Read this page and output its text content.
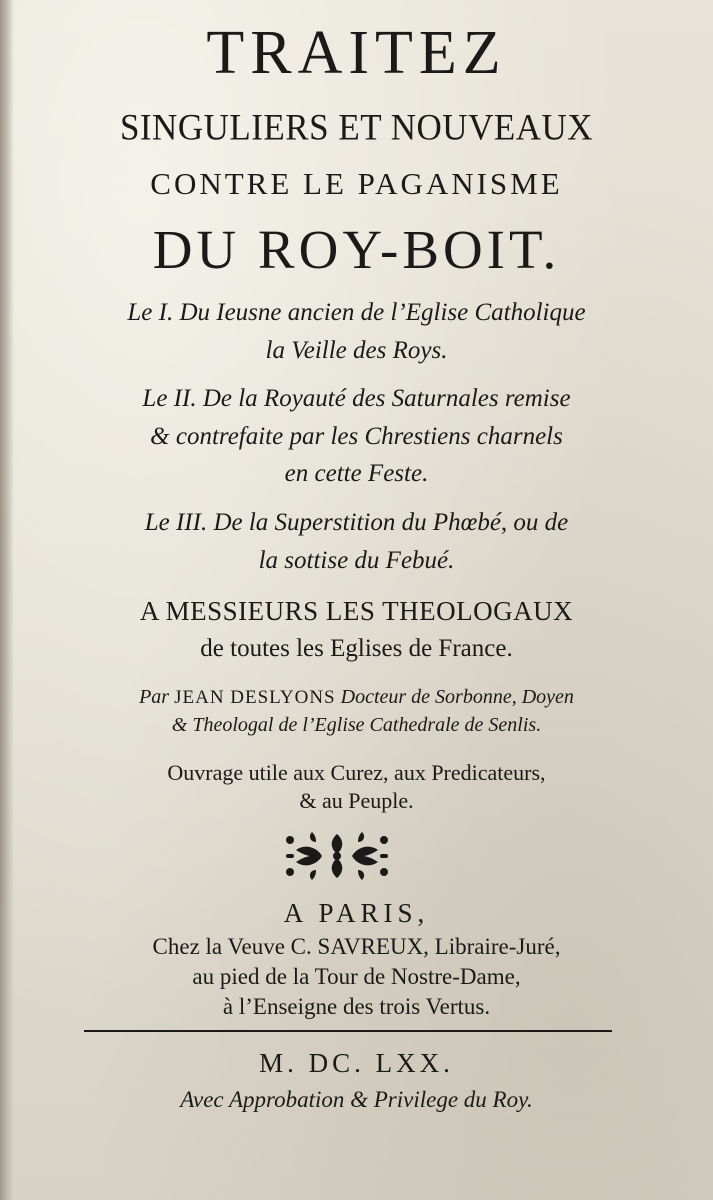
TRAITEZ
SINGULIERS ET NOUVEAUX
CONTRE LE PAGANISME
DU ROY-BOIT.
Le I. Du Ieusne ancien de l’Eglise Catholique
la Veille des Roys.
Le II. De la Royauté des Saturnales remise
& contrefaite par les Chrestiens charnels
en cette Feste.
Le III. De la Superstition du Phœbé, ou de
la sottise du Febué.
A MESSIEURS LES THEOLOGAUX
de toutes les Eglises de France.
Par JEAN DESLYONS Docteur de Sorbonne, Doyen
& Theologal de l’Eglise Cathedrale de Senlis.
Ouvrage utile aux Curez, aux Predicateurs,
& au Peuple.
A PARIS,
Chez la Veuve C. SAVREUX, Libraire-Juré,
au pied de la Tour de Nostre-Dame,
à l’Enseigne des trois Vertus.
M. DC. LXX.
Avec Approbation & Privilege du Roy.
